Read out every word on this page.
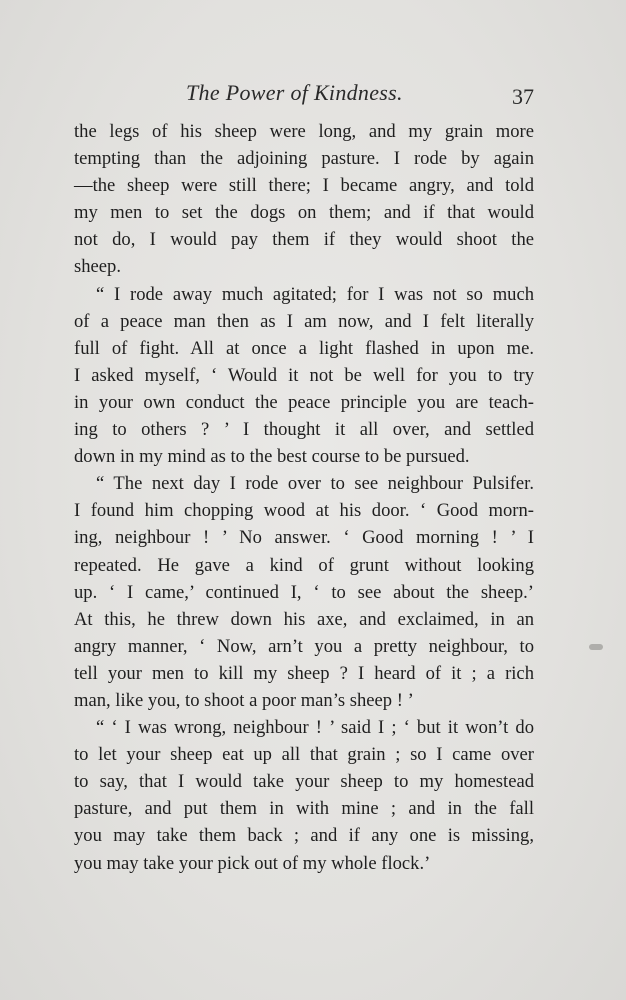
The Power of Kindness.	37
the legs of his sheep were long, and my grain more
tempting than the adjoining pasture. I rode by again
—the sheep were still there; I became angry, and told
my men to set the dogs on them; and if that would
not do, I would pay them if they would shoot the
sheep.
“ I rode away much agitated; for I was not so much
of a peace man then as I am now, and I felt literally
full of fight. All at once a light flashed in upon me.
I asked myself, ‘ Would it not be well for you to try
in your own conduct the peace principle you are teach-
ing to others ? ’ I thought it all over, and settled
down in my mind as to the best course to be pursued.
“ The next day I rode over to see neighbour Pulsifer.
I found him chopping wood at his door. ‘ Good morn-
ing, neighbour ! ’ No answer. ‘ Good morning ! ’ I
repeated. He gave a kind of grunt without looking
up. ‘ I came,’ continued I, ‘ to see about the sheep.’
At this, he threw down his axe, and exclaimed, in an
angry manner, ‘ Now, arn’t you a pretty neighbour, to
tell your men to kill my sheep ? I heard of it ; a rich
man, like you, to shoot a poor man’s sheep ! ’
“ ‘ I was wrong, neighbour ! ’ said I ; ‘ but it won’t do
to let your sheep eat up all that grain ; so I came over
to say, that I would take your sheep to my homestead
pasture, and put them in with mine ; and in the fall
you may take them back ; and if any one is missing,
you may take your pick out of my whole flock.’
